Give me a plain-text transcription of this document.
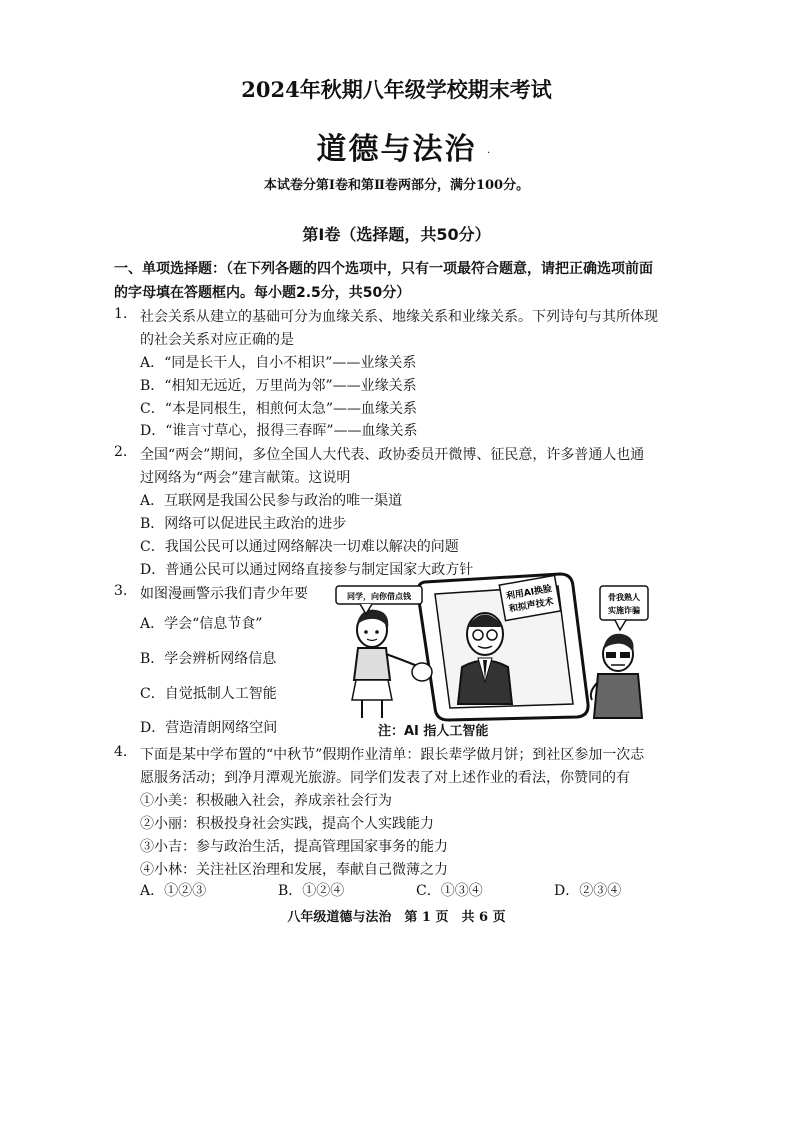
2024年秋期八年级学校期末考试
道德与法治	·
本试卷分第Ⅰ卷和第Ⅱ卷两部分，满分100分。
第Ⅰ卷（选择题，共50分）
一、单项选择题：（在下列各题的四个选项中，只有一项最符合题意，请把正确选项前面
的字母填在答题框内。每小题2.5分，共50分）
1. 社会关系从建立的基础可分为血缘关系、地缘关系和业缘关系。下列诗句与其所体现
的社会关系对应正确的是
A．“同是长干人，自小不相识”——业缘关系
B．“相知无远近，万里尚为邻”——业缘关系
C．“本是同根生，相煎何太急”——血缘关系
D．“谁言寸草心，报得三春晖”——血缘关系
2. 全国“两会”期间，多位全国人大代表、政协委员开微博、征民意，许多普通人也通
过网络为“两会”建言献策。这说明
A．互联网是我国公民参与政治的唯一渠道
B．网络可以促进民主政治的进步
C．我国公民可以通过网络解决一切难以解决的问题
D．普通公民可以通过网络直接参与制定国家大政方针
3. 如图漫画警示我们青少年要
A．学会“信息节食”
B．学会辨析网络信息
C．自觉抵制人工智能
D．营造清朗网络空间
利用AI换脸
和拟声技术
同学，向你借点钱	骨我熟人
实施诈骗
注：AI 指人工智能
4. 下面是某中学布置的“中秋节”假期作业清单：跟长辈学做月饼；到社区参加一次志
愿服务活动；到净月潭观光旅游。同学们发表了对上述作业的看法，你赞同的有
①小美：积极融入社会，养成亲社会行为
②小丽：积极投身社会实践，提高个人实践能力
③小吉：参与政治生活，提高管理国家事务的能力
④小林：关注社区治理和发展，奉献自己微薄之力
A．①②③	B．①②④	C．①③④	D．②③④
八年级道德与法治　第 1 页　共 6 页
